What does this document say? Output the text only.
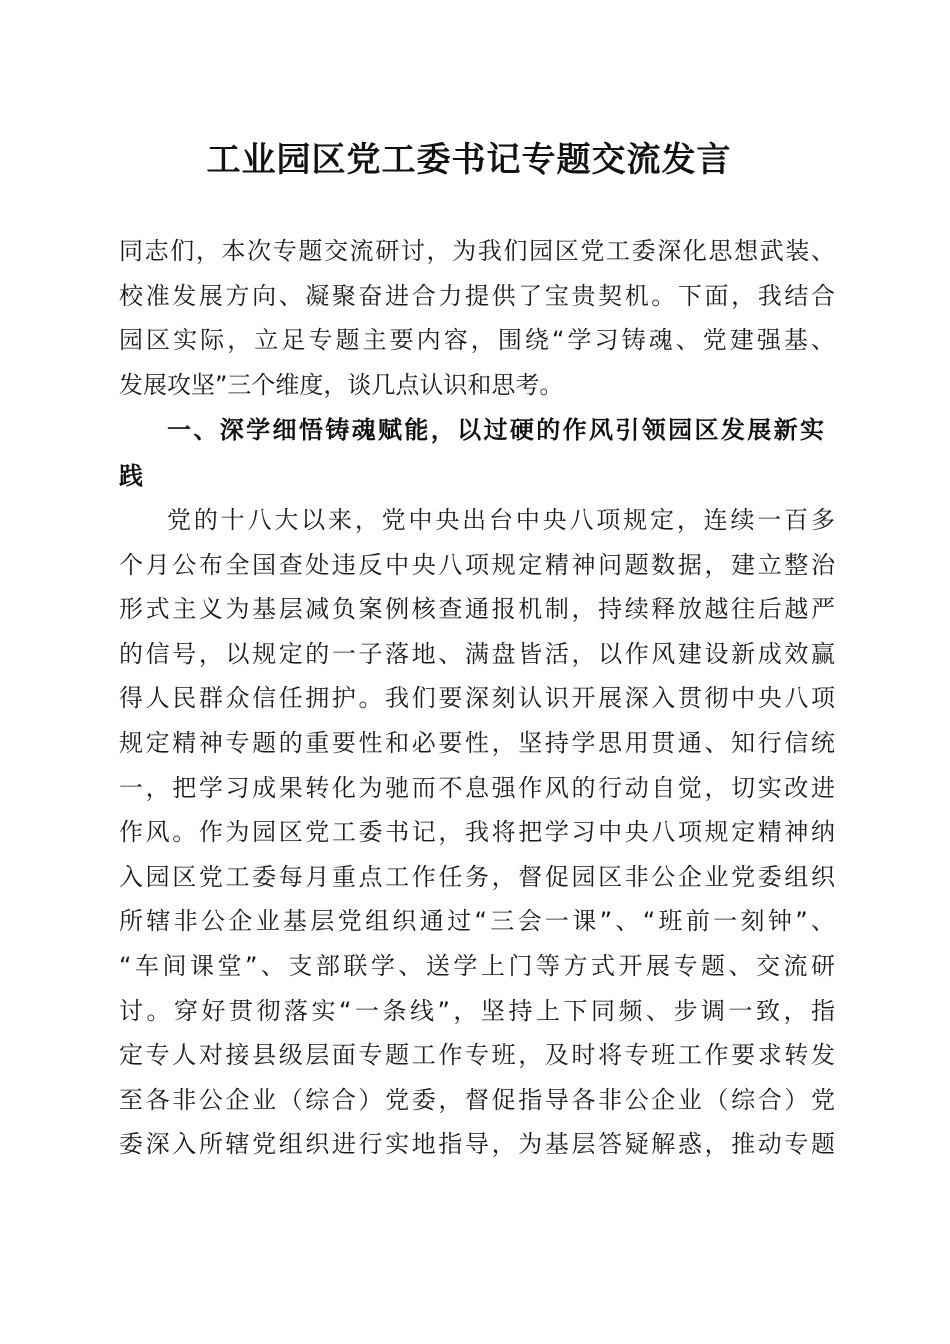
工业园区党工委书记专题交流发言
同志们，本次专题交流研讨，为我们园区党工委深化思想武装、
校准发展方向、凝聚奋进合力提供了宝贵契机。下面，我结合
园区实际，立足专题主要内容，围绕“学习铸魂、党建强基、
发展攻坚”三个维度，谈几点认识和思考。
一、深学细悟铸魂赋能，以过硬的作风引领园区发展新实
践
党的十八大以来，党中央出台中央八项规定，连续一百多
个月公布全国查处违反中央八项规定精神问题数据，建立整治
形式主义为基层减负案例核查通报机制，持续释放越往后越严
的信号，以规定的一子落地、满盘皆活，以作风建设新成效赢
得人民群众信任拥护。我们要深刻认识开展深入贯彻中央八项
规定精神专题的重要性和必要性，坚持学思用贯通、知行信统
一，把学习成果转化为驰而不息强作风的行动自觉，切实改进
作风。作为园区党工委书记，我将把学习中央八项规定精神纳
入园区党工委每月重点工作任务，督促园区非公企业党委组织
所辖非公企业基层党组织通过“三会一课”、“班前一刻钟”、
“车间课堂”、支部联学、送学上门等方式开展专题、交流研
讨。穿好贯彻落实“一条线”，坚持上下同频、步调一致，指
定专人对接县级层面专题工作专班，及时将专班工作要求转发
至各非公企业（综合）党委，督促指导各非公企业（综合）党
委深入所辖党组织进行实地指导，为基层答疑解惑，推动专题
